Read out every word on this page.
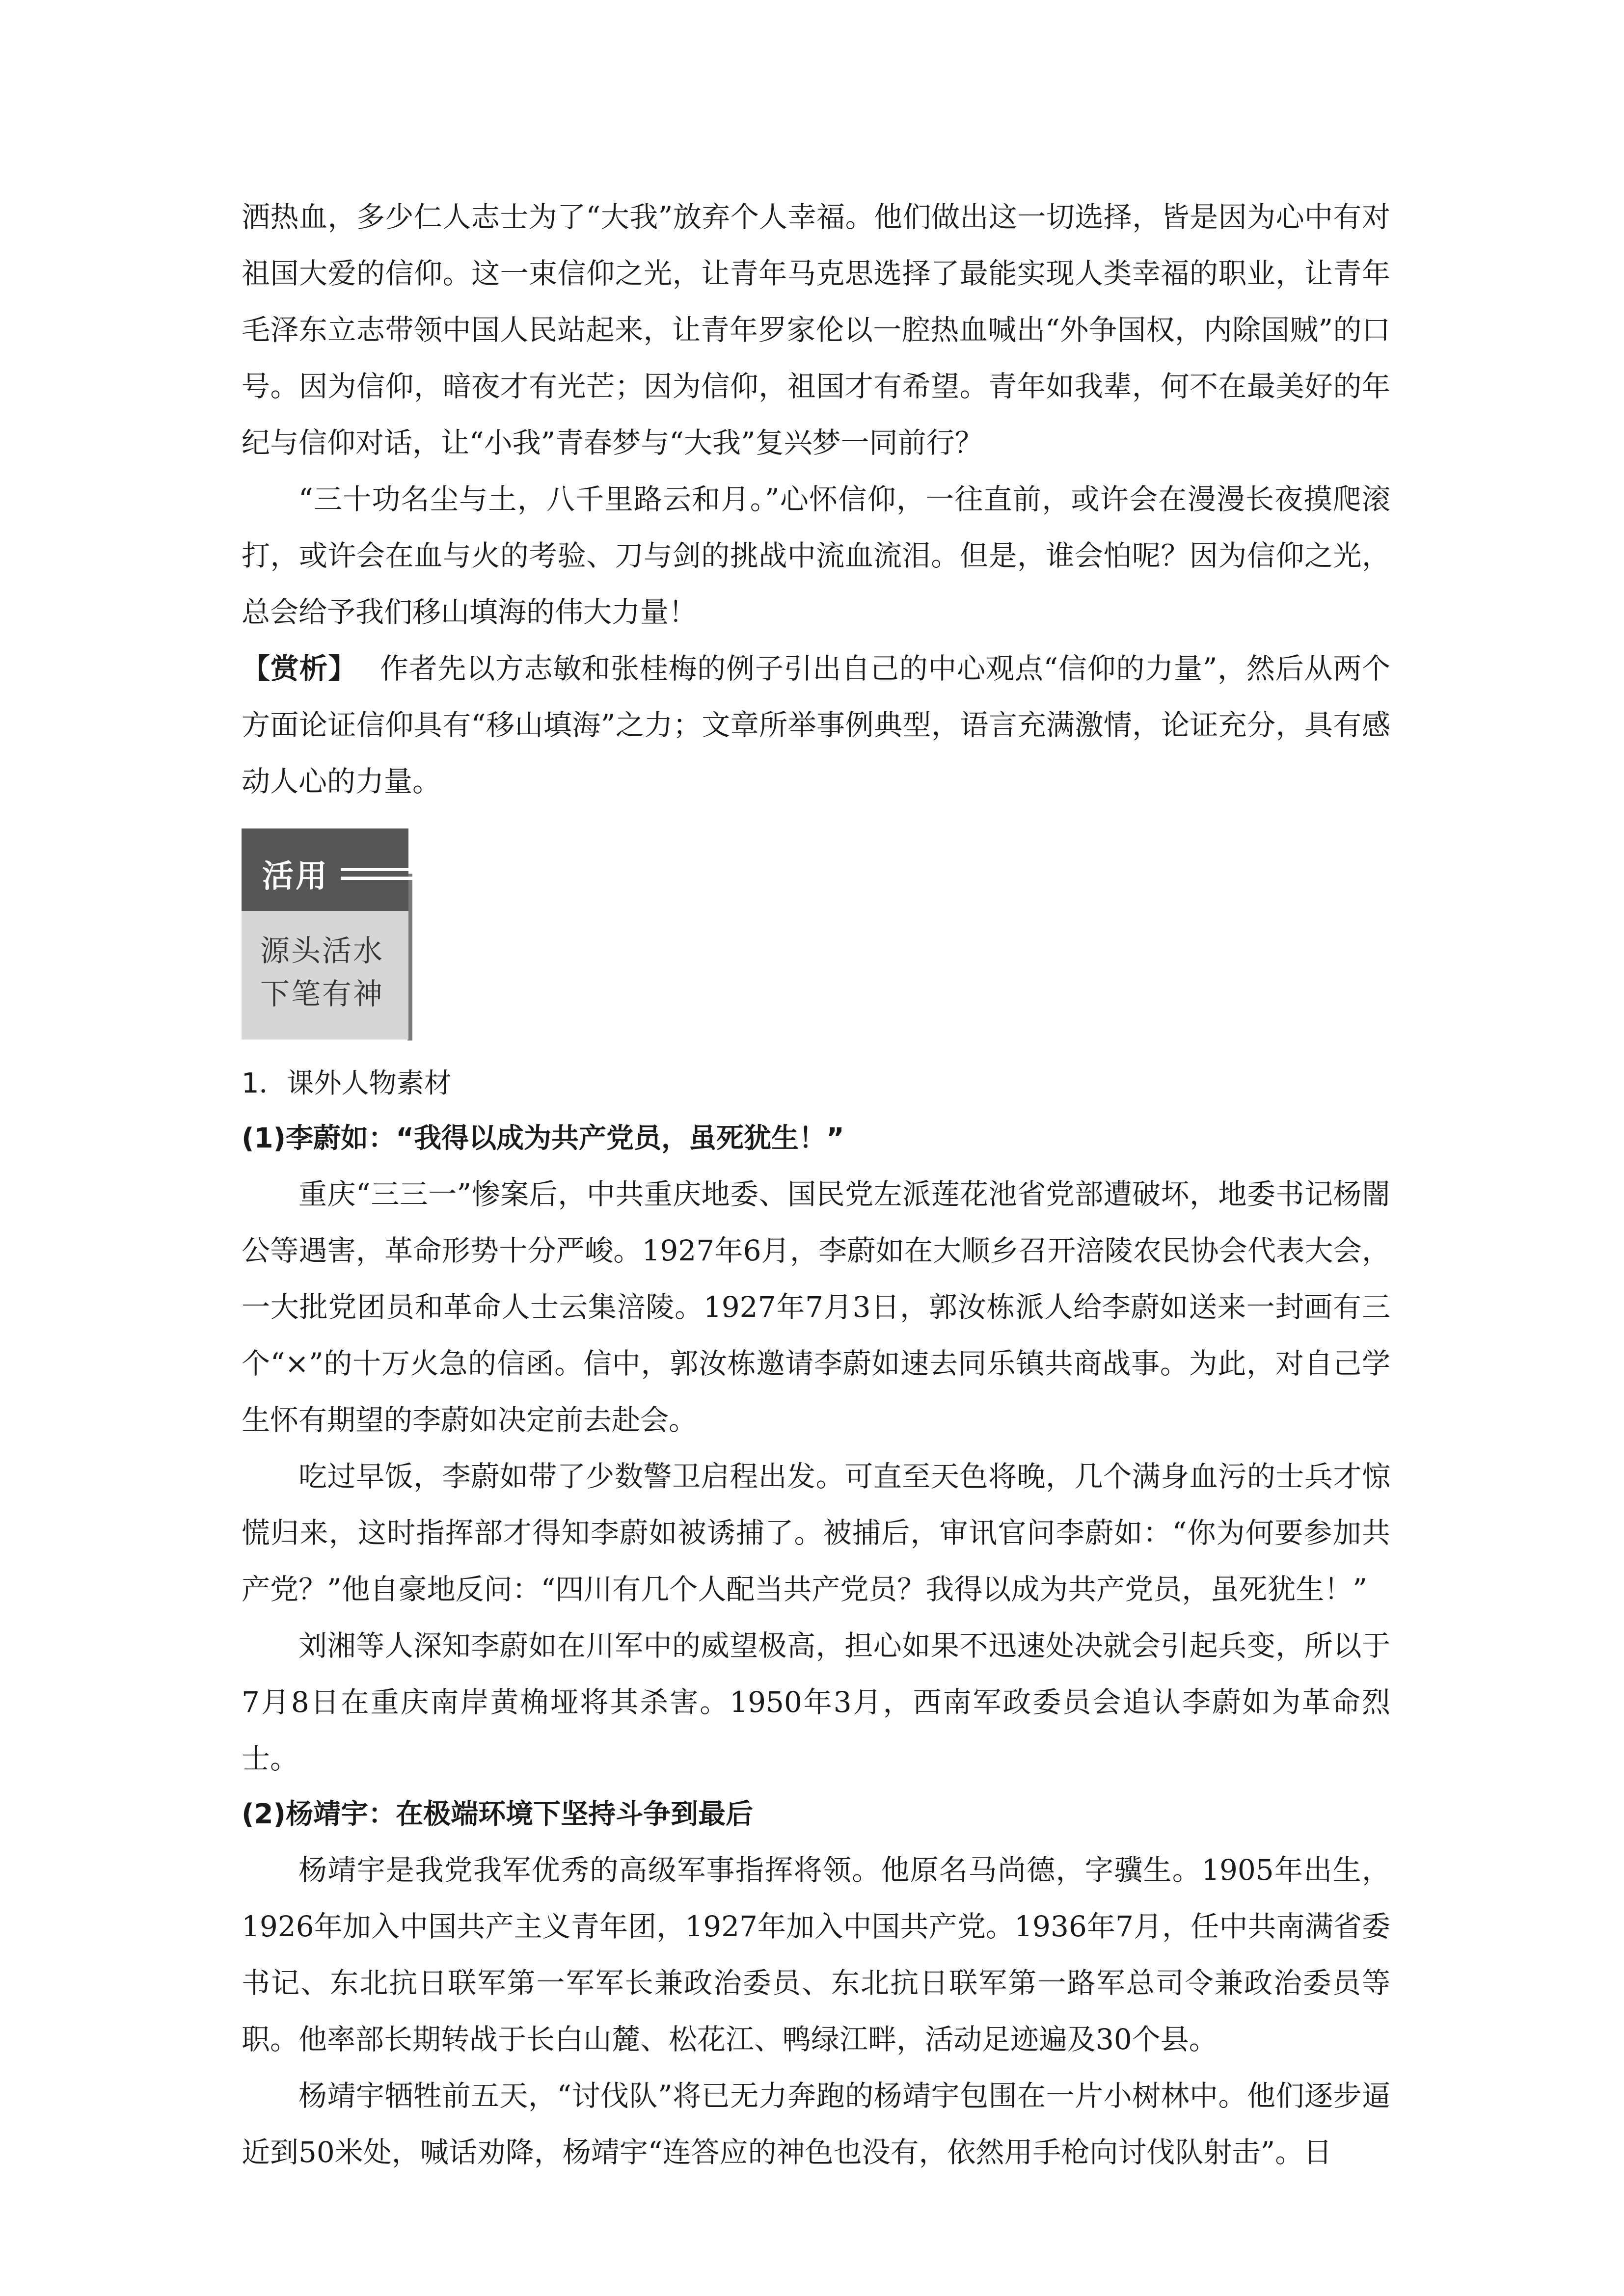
洒热血，多少仁人志士为了“大我”放弃个人幸福。他们做出这一切选择，皆是因为心中有对祖国大爱的信仰。这一束信仰之光，让青年马克思选择了最能实现人类幸福的职业，让青年毛泽东立志带领中国人民站起来，让青年罗家伦以一腔热血喊出“外争国权，内除国贼”的口号。因为信仰，暗夜才有光芒；因为信仰，祖国才有希望。青年如我辈，何不在最美好的年纪与信仰对话，让“小我”青春梦与“大我”复兴梦一同前行？

“三十功名尘与土，八千里路云和月。”心怀信仰，一往直前，或许会在漫漫长夜摸爬滚打，或许会在血与火的考验、刀与剑的挑战中流血流泪。但是，谁会怕呢？因为信仰之光，总会给予我们移山填海的伟大力量！

【赏析】 作者先以方志敏和张桂梅的例子引出自己的中心观点“信仰的力量”，然后从两个方面论证信仰具有“移山填海”之力；文章所举事例典型，语言充满激情，论证充分，具有感动人心的力量。

活用
源头活水
下笔有神

1．课外人物素材

(1)李蔚如：“我得以成为共产党员，虽死犹生！”

重庆“三三一”惨案后，中共重庆地委、国民党左派莲花池省党部遭破坏，地委书记杨闇公等遇害，革命形势十分严峻。1927年6月，李蔚如在大顺乡召开涪陵农民协会代表大会，一大批党团员和革命人士云集涪陵。1927年7月3日，郭汝栋派人给李蔚如送来一封画有三个“×”的十万火急的信函。信中，郭汝栋邀请李蔚如速去同乐镇共商战事。为此，对自己学生怀有期望的李蔚如决定前去赴会。

吃过早饭，李蔚如带了少数警卫启程出发。可直至天色将晚，几个满身血污的士兵才惊慌归来，这时指挥部才得知李蔚如被诱捕了。被捕后，审讯官问李蔚如：“你为何要参加共产党？”他自豪地反问：“四川有几个人配当共产党员？我得以成为共产党员，虽死犹生！”

刘湘等人深知李蔚如在川军中的威望极高，担心如果不迅速处决就会引起兵变，所以于7月8日在重庆南岸黄桷垭将其杀害。1950年3月，西南军政委员会追认李蔚如为革命烈士。

(2)杨靖宇：在极端环境下坚持斗争到最后

杨靖宇是我党我军优秀的高级军事指挥将领。他原名马尚德，字骥生。1905年出生，1926年加入中国共产主义青年团，1927年加入中国共产党。1936年7月，任中共南满省委书记、东北抗日联军第一军军长兼政治委员、东北抗日联军第一路军总司令兼政治委员等职。他率部长期转战于长白山麓、松花江、鸭绿江畔，活动足迹遍及30个县。

杨靖宇牺牲前五天，“讨伐队”将已无力奔跑的杨靖宇包围在一片小树林中。他们逐步逼近到50米处，喊话劝降，杨靖宇“连答应的神色也没有，依然用手枪向讨伐队射击”。日
